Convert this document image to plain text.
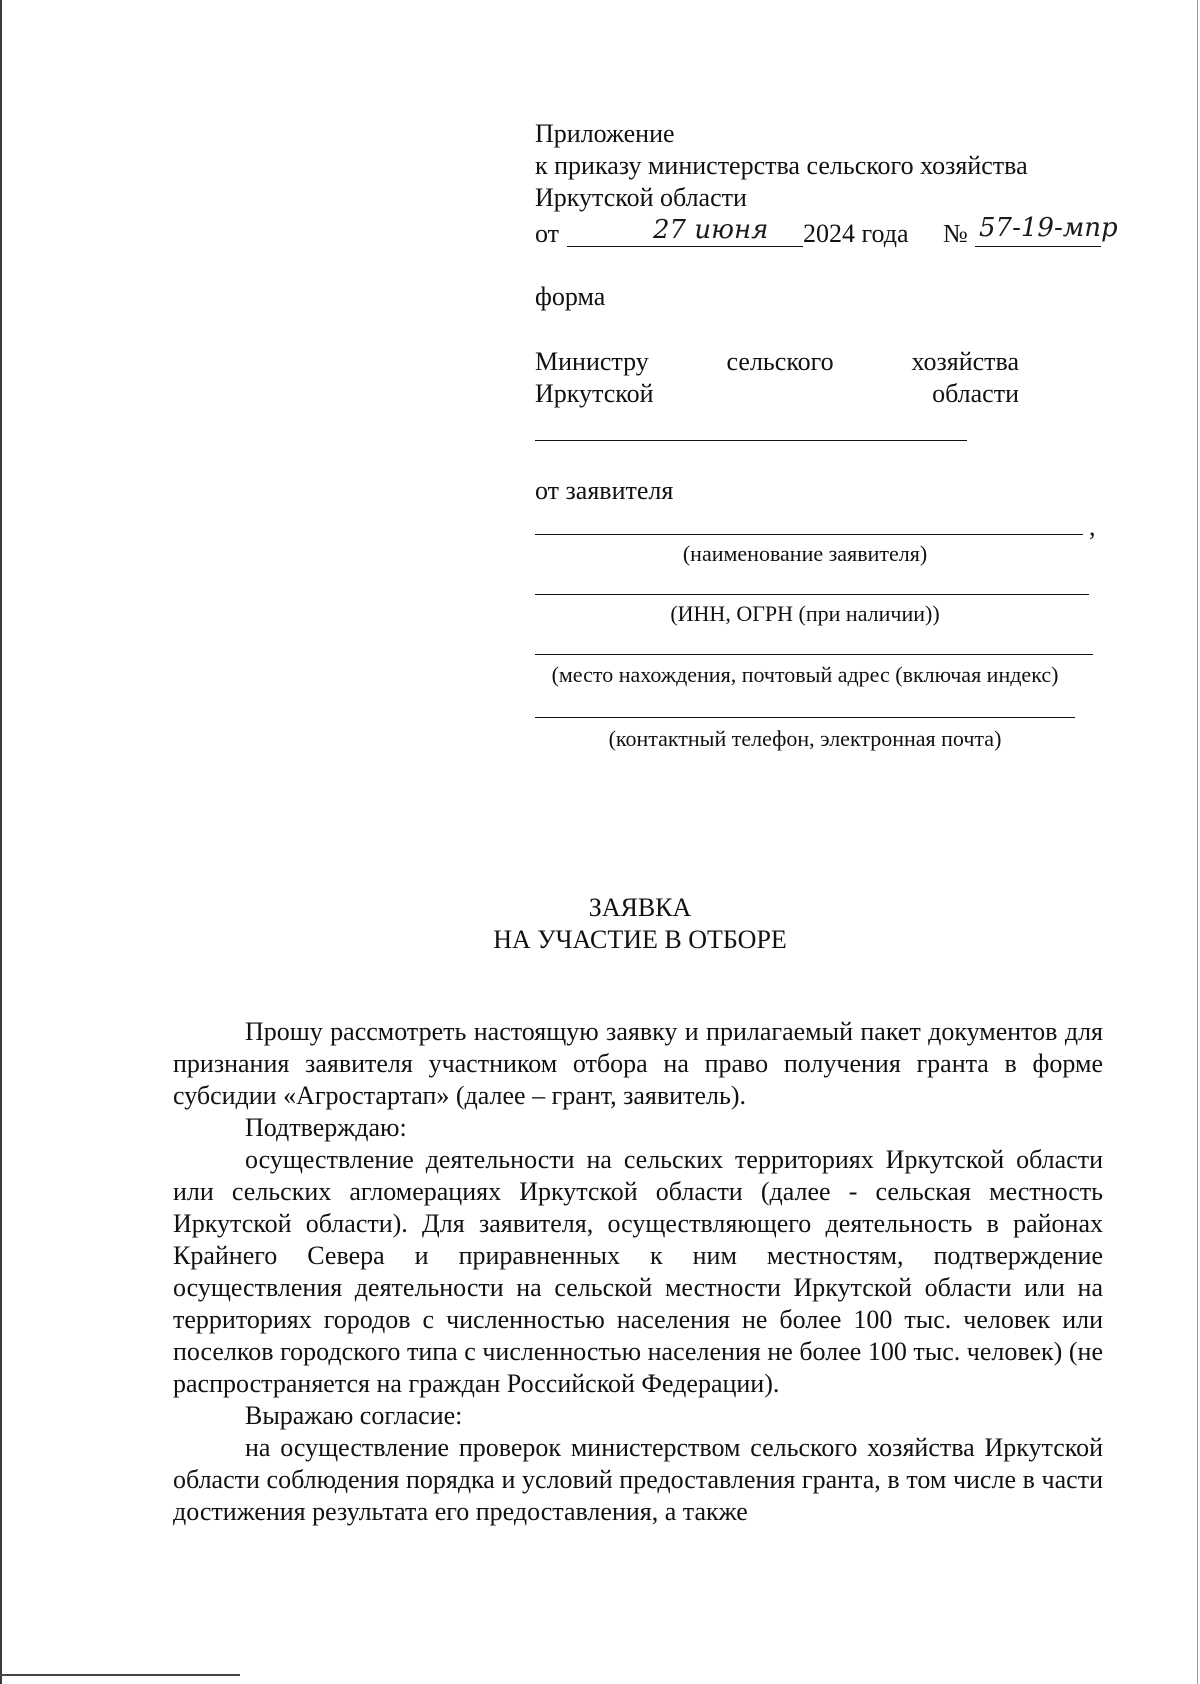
Приложение
к приказу министерства сельского хозяйства
Иркутской области
от	27 июня 2024 года № 57-19-мпр
форма
Министру	сельского	хозяйства
Иркутской	области
от заявителя
,
(наименование заявителя)
(ИНН, ОГРН (при наличии))
(место нахождения, почтовый адрес (включая индекс)
(контактный телефон, электронная почта)
ЗАЯВКА
НА УЧАСТИЕ В ОТБОРЕ

Прошу рассмотреть настоящую заявку и прилагаемый пакет документов для признания заявителя участником отбора на право получения гранта в форме субсидии «Агростартап» (далее – грант, заявитель).

Подтверждаю:

осуществление деятельности на сельских территориях Иркутской области или сельских агломерациях Иркутской области (далее - сельская местность Иркутской области). Для заявителя, осуществляющего деятельность в районах Крайнего Севера и приравненных к ним местностям, подтверждение осуществления деятельности на сельской местности Иркутской области или на территориях городов с численностью населения не более 100 тыс. человек или поселков городского типа с численностью населения не более 100 тыс. человек) (не распространяется на граждан Российской Федерации).

Выражаю согласие:

на осуществление проверок министерством сельского хозяйства Иркутской области соблюдения порядка и условий предоставления гранта, в том числе в части достижения результата его предоставления, а также
